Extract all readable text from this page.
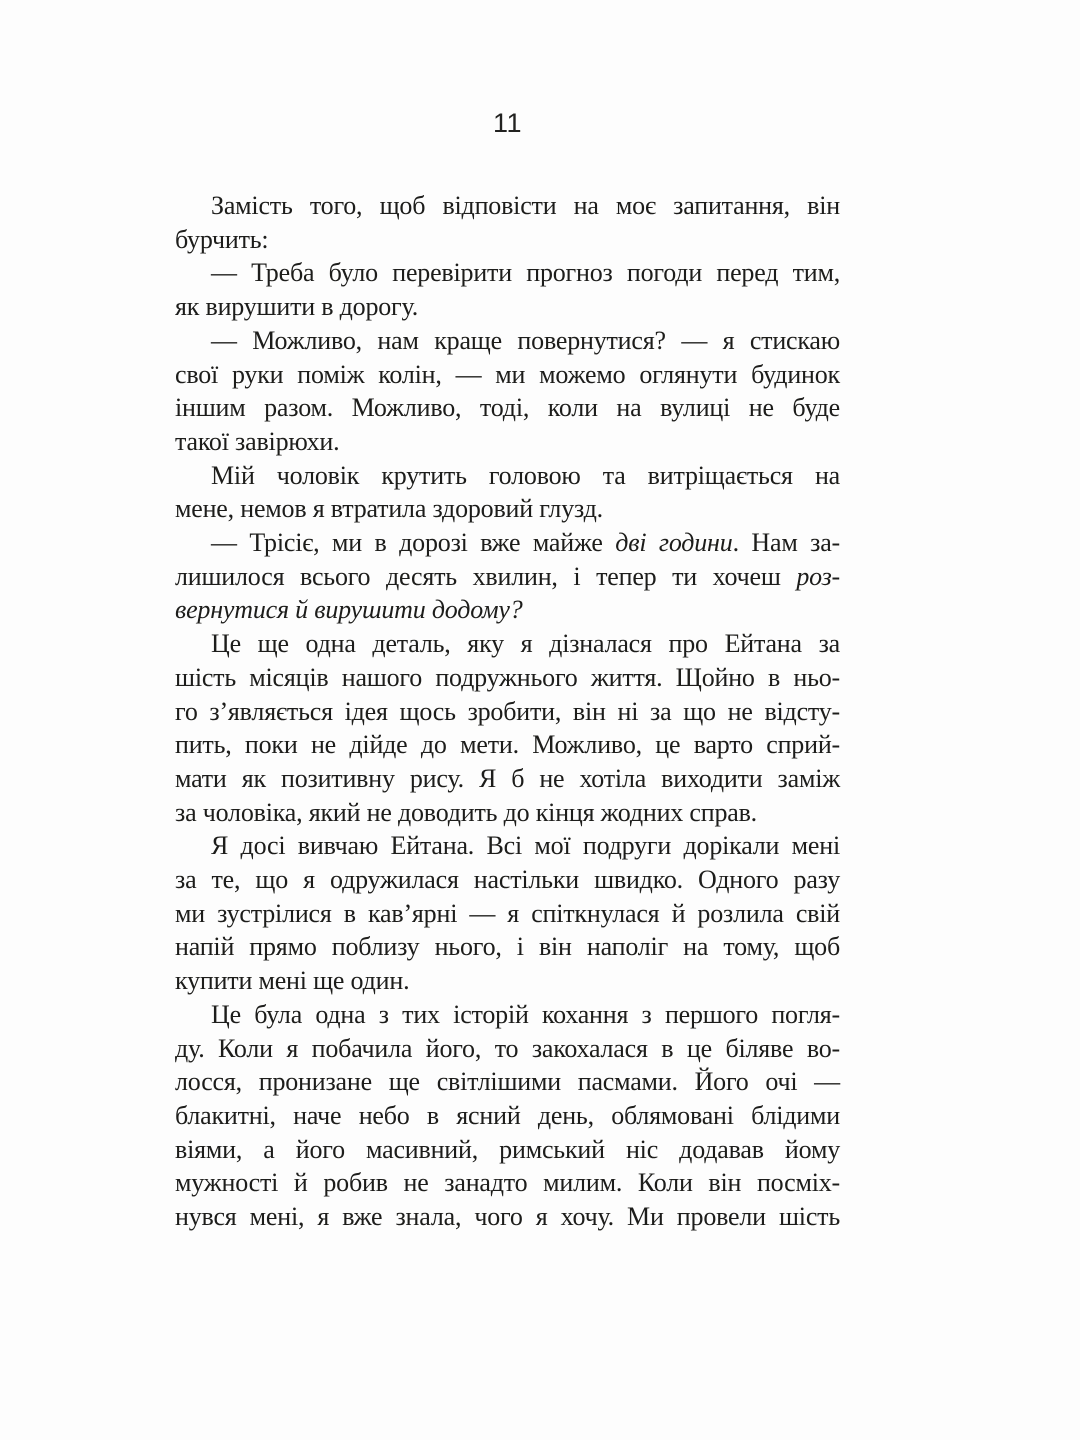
11
Замість того, щоб відповісти на моє запитання, він
бурчить:
— Треба було перевірити прогноз погоди перед тим,
як вирушити в дорогу.
— Можливо, нам краще повернутися? — я стискаю
свої руки поміж колін, — ми можемо оглянути будинок
іншим разом. Можливо, тоді, коли на вулиці не буде
такої завірюхи.
Мій чоловік крутить головою та витріщається на
мене, немов я втратила здоровий глузд.
— Трісіє, ми в дорозі вже майже дві години. Нам за-
лишилося всього десять хвилин, і тепер ти хочеш роз-
вернутися й вирушити додому?
Це ще одна деталь, яку я дізналася про Ейтана за
шість місяців нашого подружнього життя. Щойно в ньо-
го з’являється ідея щось зробити, він ні за що не відсту-
пить, поки не дійде до мети. Можливо, це варто сприй-
мати як позитивну рису. Я б не хотіла виходити заміж
за чоловіка, який не доводить до кінця жодних справ.
Я досі вивчаю Ейтана. Всі мої подруги дорікали мені
за те, що я одружилася настільки швидко. Одного разу
ми зустрілися в кав’ярні — я спіткнулася й розлила свій
напій прямо поблизу нього, і він наполіг на тому, щоб
купити мені ще один.
Це була одна з тих історій кохання з першого погля-
ду. Коли я побачила його, то закохалася в це біляве во-
лосся, пронизане ще світлішими пасмами. Його очі —
блакитні, наче небо в ясний день, облямовані блідими
віями, а його масивний, римський ніс додавав йому
мужності й робив не занадто милим. Коли він посміх-
нувся мені, я вже знала, чого я хочу. Ми провели шість
